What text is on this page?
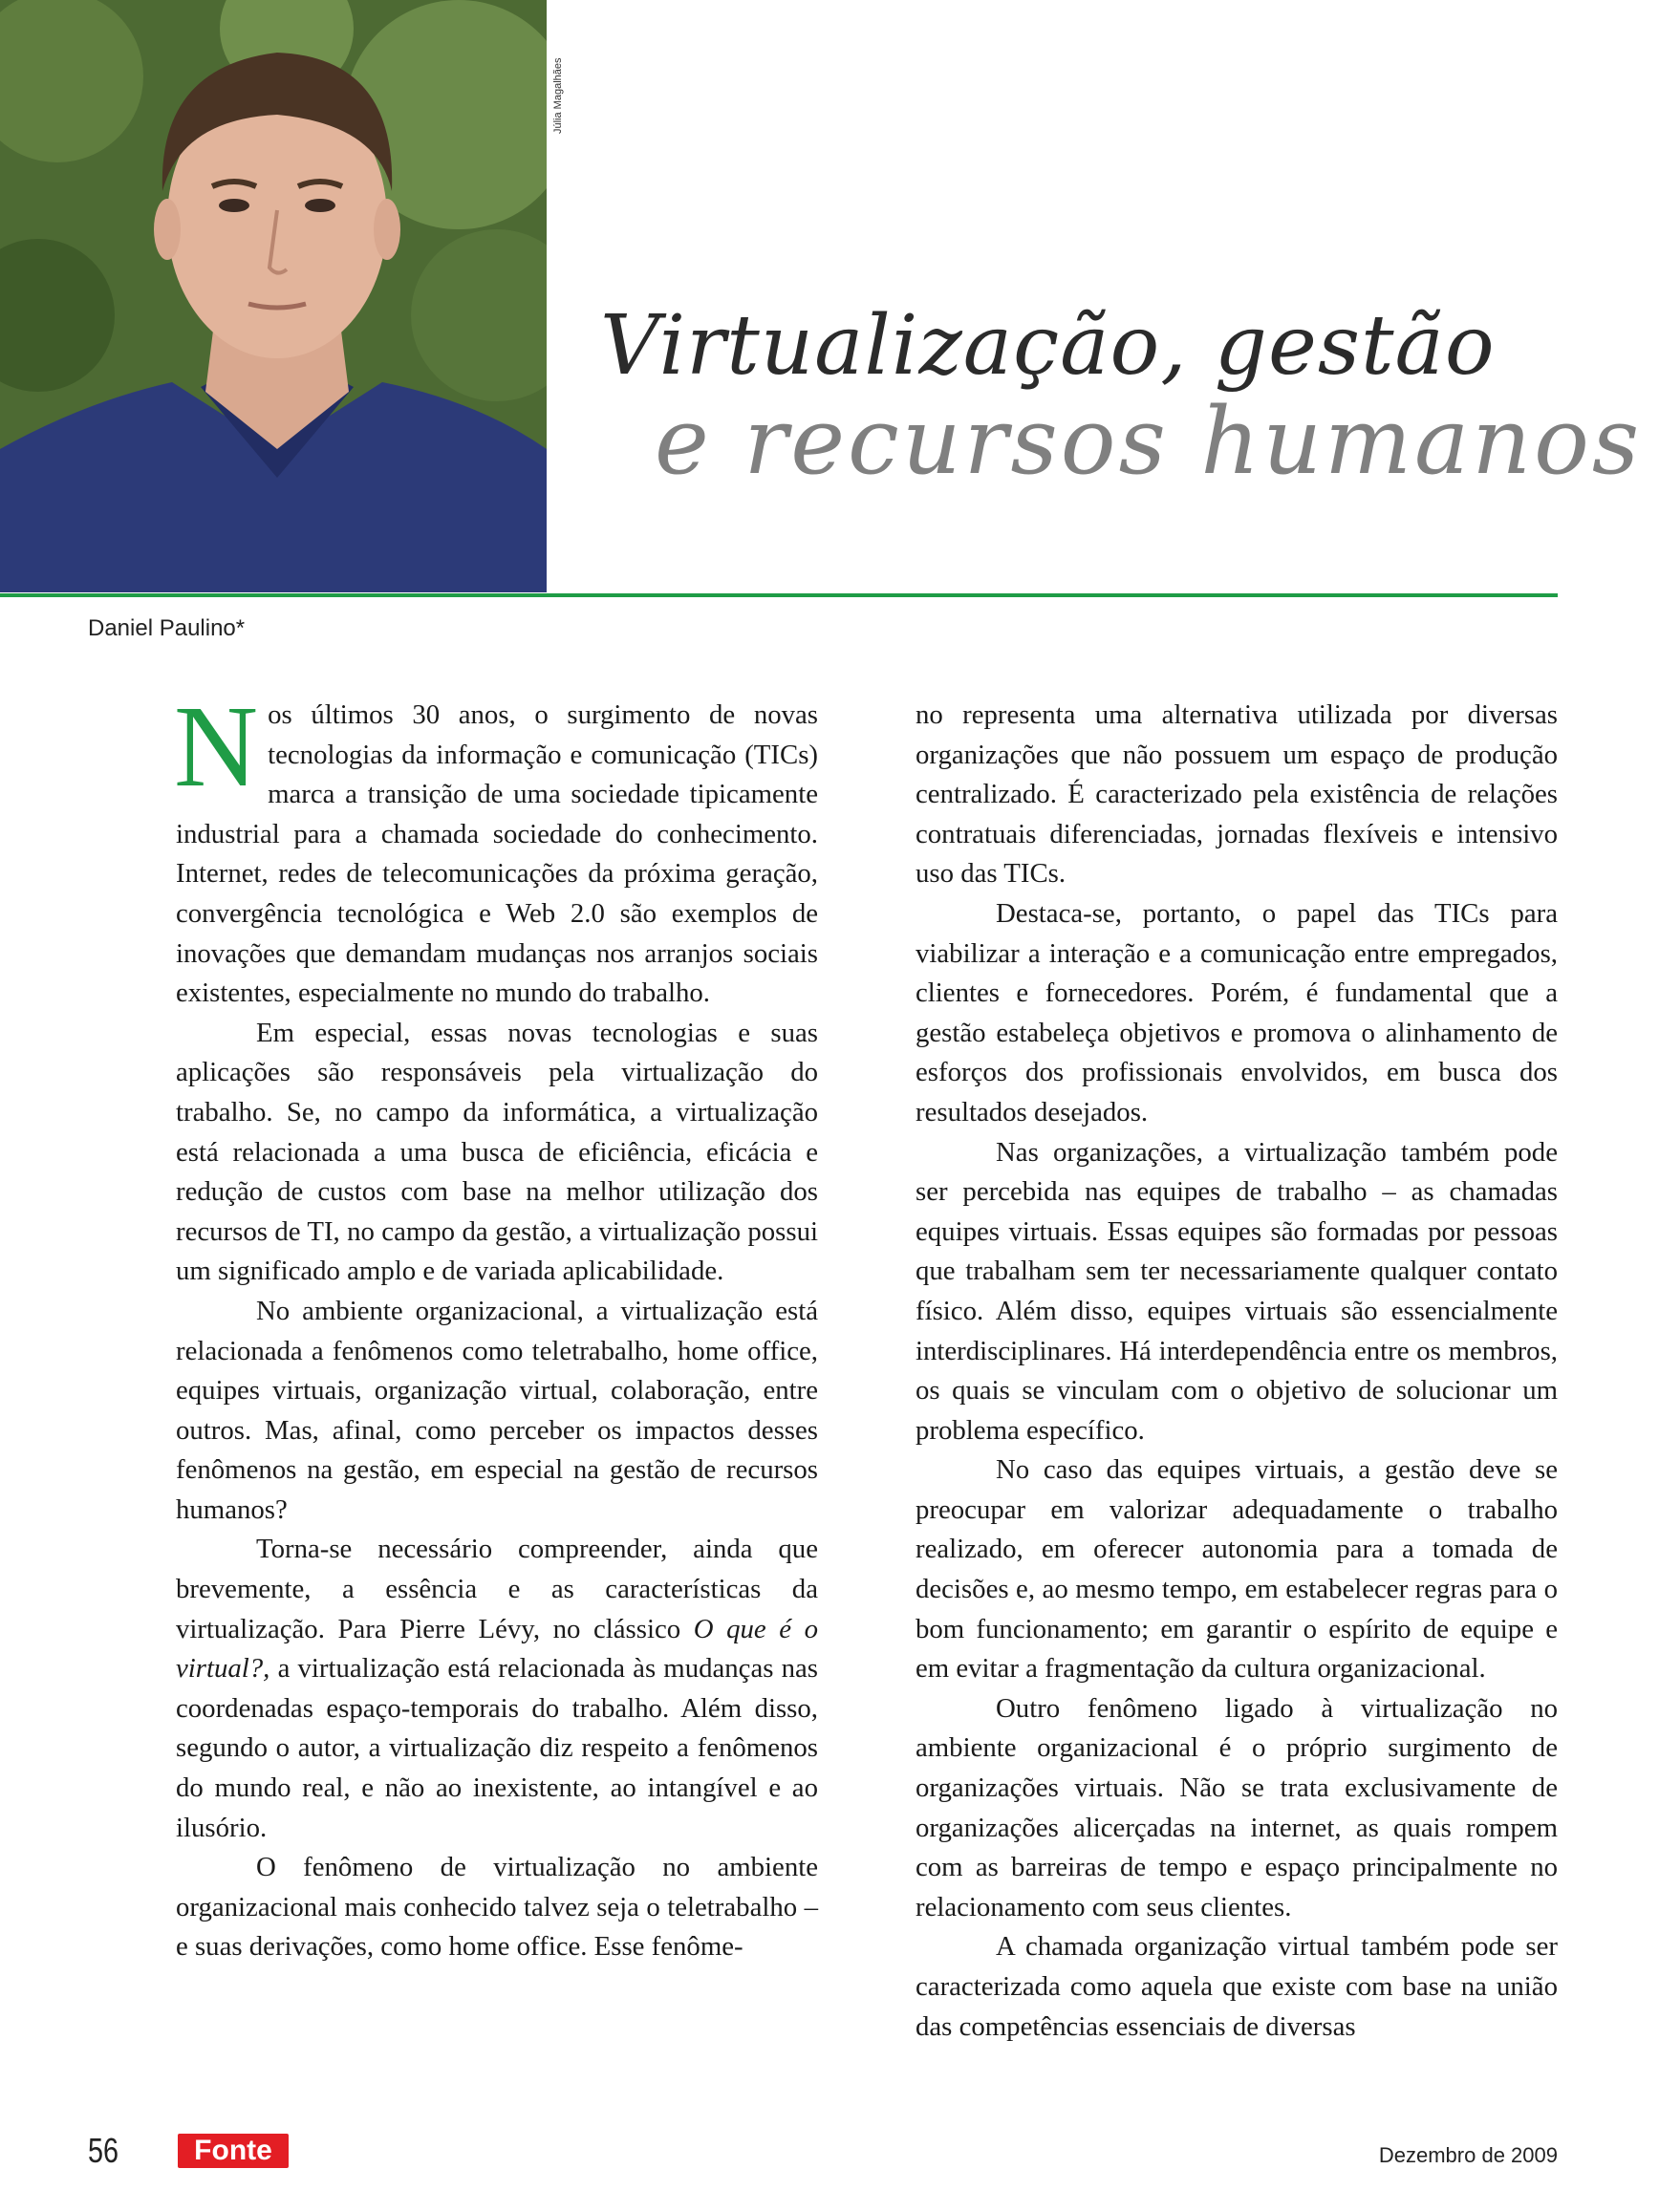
Júlia Magalhães
Virtualização, gestão
e recursos humanos
Daniel Paulino*

Nos últimos 30 anos, o surgimento de novas tecnologias da informação e comunicação (TICs) marca a transição de uma sociedade tipicamente industrial para a chamada sociedade do conhecimento. Internet, redes de telecomunicações da próxima geração, convergência tecnológica e Web 2.0 são exemplos de inovações que demandam mudanças nos arranjos sociais existentes, especialmente no mundo do trabalho.

Em especial, essas novas tecnologias e suas aplicações são responsáveis pela virtualização do trabalho. Se, no campo da informática, a virtualização está relacionada a uma busca de eficiência, eficácia e redução de custos com base na melhor utilização dos recursos de TI, no campo da gestão, a virtualização possui um significado amplo e de variada aplicabilidade.

No ambiente organizacional, a virtualização está relacionada a fenômenos como teletrabalho, home office, equipes virtuais, organização virtual, colaboração, entre outros. Mas, afinal, como perceber os impactos desses fenômenos na gestão, em especial na gestão de recursos humanos?

Torna-se necessário compreender, ainda que brevemente, a essência e as características da virtualização. Para Pierre Lévy, no clássico O que é o virtual?, a virtualização está relacionada às mudanças nas coordenadas espaço-temporais do trabalho. Além disso, segundo o autor, a virtualização diz respeito a fenômenos do mundo real, e não ao inexistente, ao intangível e ao ilusório.

O fenômeno de virtualização no ambiente organizacional mais conhecido talvez seja o teletrabalho – e suas derivações, como home office. Esse fenôme-

no representa uma alternativa utilizada por diversas organizações que não possuem um espaço de produção centralizado. É caracterizado pela existência de relações contratuais diferenciadas, jornadas flexíveis e intensivo uso das TICs.

Destaca-se, portanto, o papel das TICs para viabilizar a interação e a comunicação entre empregados, clientes e fornecedores. Porém, é fundamental que a gestão estabeleça objetivos e promova o alinhamento de esforços dos profissionais envolvidos, em busca dos resultados desejados.

Nas organizações, a virtualização também pode ser percebida nas equipes de trabalho – as chamadas equipes virtuais. Essas equipes são formadas por pessoas que trabalham sem ter necessariamente qualquer contato físico. Além disso, equipes virtuais são essencialmente interdisciplinares. Há interdependência entre os membros, os quais se vinculam com o objetivo de solucionar um problema específico.

No caso das equipes virtuais, a gestão deve se preocupar em valorizar adequadamente o trabalho realizado, em oferecer autonomia para a tomada de decisões e, ao mesmo tempo, em estabelecer regras para o bom funcionamento; em garantir o espírito de equipe e em evitar a fragmentação da cultura organizacional.

Outro fenômeno ligado à virtualização no ambiente organizacional é o próprio surgimento de organizações virtuais. Não se trata exclusivamente de organizações alicerçadas na internet, as quais rompem com as barreiras de tempo e espaço principalmente no relacionamento com seus clientes.

A chamada organização virtual também pode ser caracterizada como aquela que existe com base na união das competências essenciais de diversas

56	Fonte	Dezembro de 2009
